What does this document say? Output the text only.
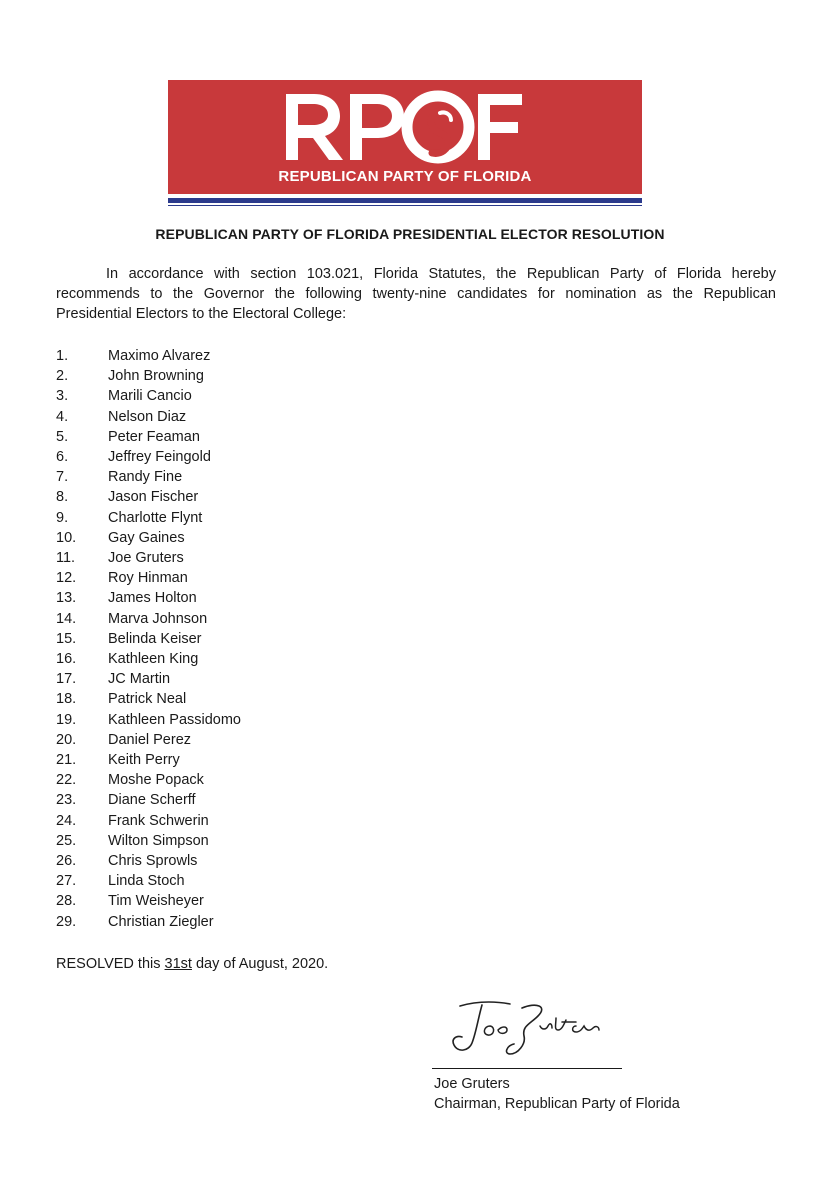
REPUBLICAN PARTY OF FLORIDA
REPUBLICAN PARTY OF FLORIDA PRESIDENTIAL ELECTOR RESOLUTION
In accordance with section 103.021, Florida Statutes, the Republican Party of Florida hereby recommends to the Governor the following twenty-nine candidates for nomination as the Republican Presidential Electors to the Electoral College:
1.	Maximo Alvarez
2.	John Browning
3.	Marili Cancio
4.	Nelson Diaz
5.	Peter Feaman
6.	Jeffrey Feingold
7.	Randy Fine
8.	Jason Fischer
9.	Charlotte Flynt
10.	Gay Gaines
11.	Joe Gruters
12.	Roy Hinman
13.	James Holton
14.	Marva Johnson
15.	Belinda Keiser
16.	Kathleen King
17.	JC Martin
18.	Patrick Neal
19.	Kathleen Passidomo
20.	Daniel Perez
21.	Keith Perry
22.	Moshe Popack
23.	Diane Scherff
24.	Frank Schwerin
25.	Wilton Simpson
26.	Chris Sprowls
27.	Linda Stoch
28.	Tim Weisheyer
29.	Christian Ziegler
RESOLVED this 31st day of August, 2020.
Joe Gruters
Chairman, Republican Party of Florida
